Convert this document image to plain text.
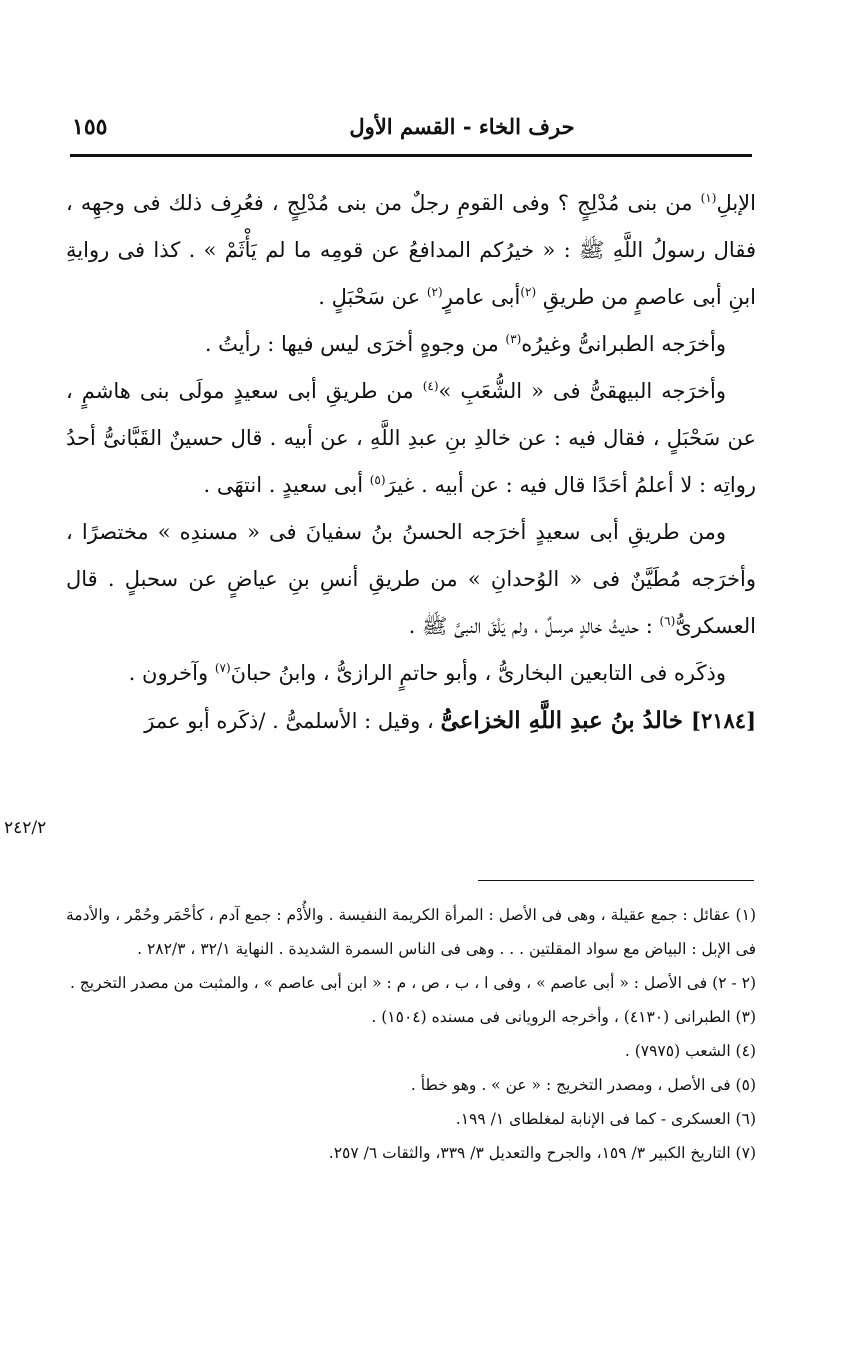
١٥٥	حرف الخاء - القسم الأول

الإبلِ$^{(١)}$ من بنى مُدْلِجٍ ؟ وفى القومِ رجلٌ من بنى مُدْلِجٍ ، فعُرِف ذلك فى وجهِه ، فقال رسولُ اللَّهِ ﷺ : « خيرُكم المدافعُ عن قومِه ما لم يَأْثَمْ » . كذا فى روايةِ ابنِ أبى عاصمٍ من طريقِ $^{(٢)}$أبى عامرٍ$^{(٢)}$ عن سَحْبَلٍ .

وأخرَجه الطبرانىُّ وغيرُه$^{(٣)}$ من وجوهٍ أخرَى ليس فيها : رأيتُ .

وأخرَجه البيهقىُّ فى « الشُّعَبِ »$^{(٤)}$ من طريقِ أبى سعيدٍ مولَى بنى هاشمٍ ، عن سَحْبَلٍ ، فقال فيه : عن خالدِ بنِ عبدِ اللَّهِ ، عن أبيه . قال حسينٌ القَبَّانىُّ أحدُ رواتِه : لا أعلمُ أحَدًا قال فيه : عن أبيه . غيرَ$^{(٥)}$ أبى سعيدٍ . انتهَى .

ومن طريقِ أبى سعيدٍ أخرَجه الحسنُ بنُ سفيانَ فى « مسندِه » مختصرًا ، وأخرَجه مُطَيَّنٌ فى « الوُحدانِ » من طريقِ أنسِ بنِ عياضٍ عن سحبلٍ . قال العسكرىُّ$^{(٦)}$ : حديثُ خالدٍ مرسلٌ ، ولم يَلْقَ النبىَّ ﷺ .

وذكَره فى التابعين البخارىُّ ، وأبو حاتمٍ الرازىُّ ، وابنُ حبانَ$^{(٧)}$ وآخرون .

[٢١٨٤] خالدُ بنُ عبدِ اللَّهِ الخزاعىُّ ، وقيل : الأسلمىُّ . /ذكَره أبو عمرَ

٢٤٢/٢

(١) عقائل : جمع عقيلة ، وهى فى الأصل : المرأة الكريمة النفيسة . والأُدْم : جمع آدم ، كأحْمَر وحُمْر ، والأدمة فى الإبل : البياض مع سواد المقلتين . . . وهى فى الناس السمرة الشديدة . النهاية ٣٢/١ ، ٢٨٢/٣ .

(٢ - ٢) فى الأصل : « أبى عاصم » ، وفى ا ، ب ، ص ، م : « ابن أبى عاصم » ، والمثبت من مصدر التخريج .

(٣) الطبرانى (٤١٣٠) ، وأخرجه الرويانى فى مسنده (١٥٠٤) .

(٤) الشعب (٧٩٧٥) .

(٥) فى الأصل ، ومصدر التخريج : « عن » . وهو خطأ .

(٦) العسكرى - كما فى الإنابة لمغلطاى ١/ ١٩٩.

(٧) التاريخ الكبير ٣/ ١٥٩، والجرح والتعديل ٣/ ٣٣٩، والثقات ٦/ ٢٥٧.
